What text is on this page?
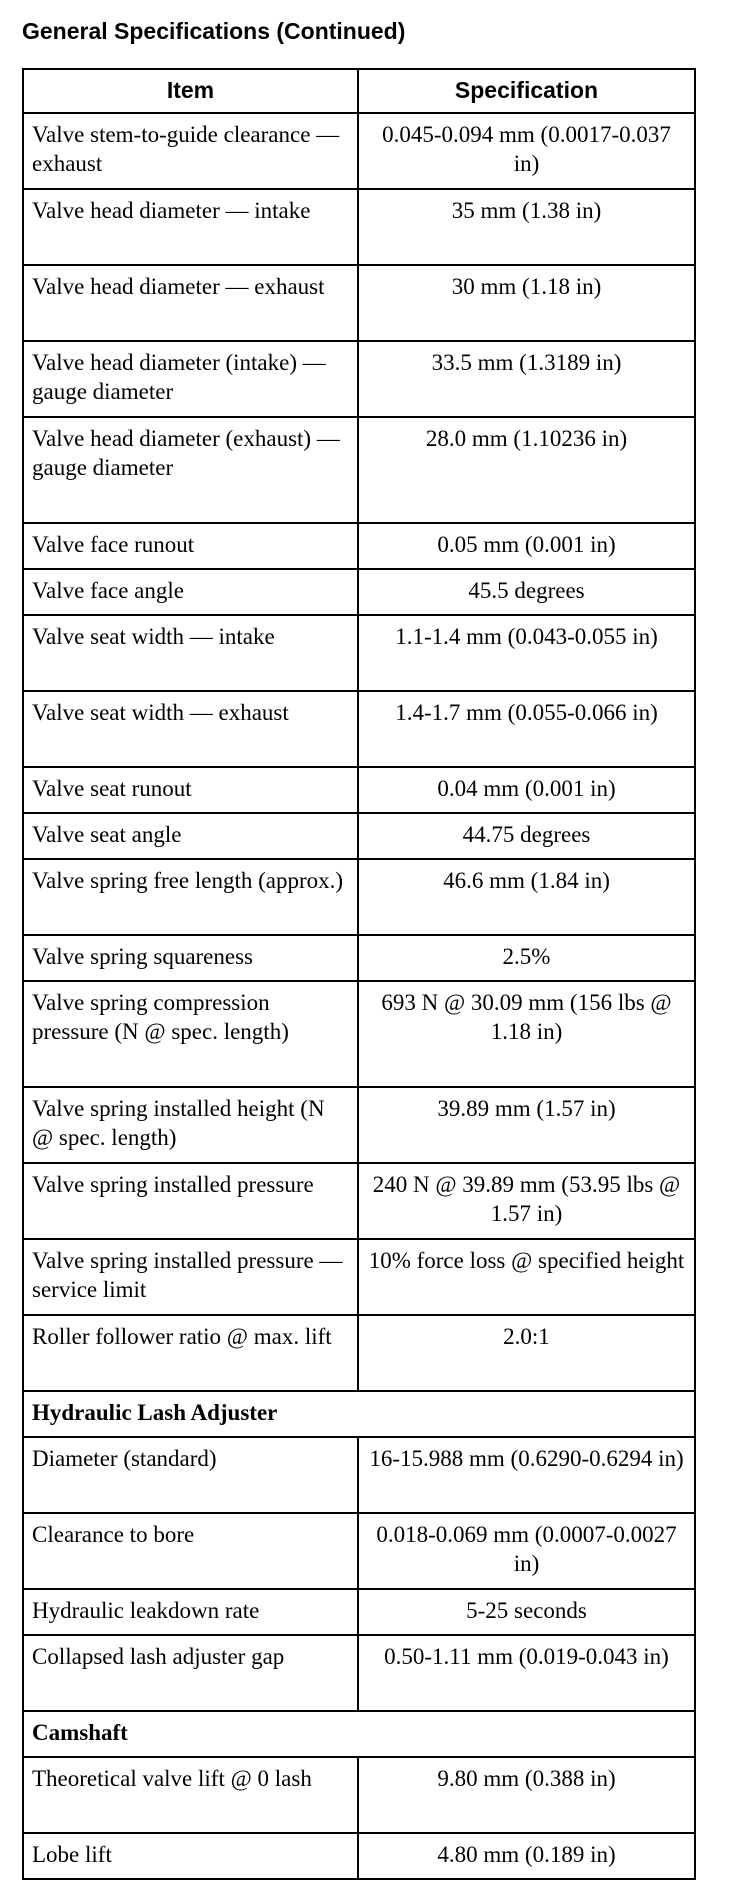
General Specifications (Continued)
Item	Specification
Valve stem-to-guide clearance — exhaust	0.045-0.094 mm (0.0017-0.037 in)
Valve head diameter — intake	35 mm (1.38 in)
Valve head diameter — exhaust	30 mm (1.18 in)
Valve head diameter (intake) — gauge diameter	33.5 mm (1.3189 in)
Valve head diameter (exhaust) — gauge diameter	28.0 mm (1.10236 in)
Valve face runout	0.05 mm (0.001 in)
Valve face angle	45.5 degrees
Valve seat width — intake	1.1-1.4 mm (0.043-0.055 in)
Valve seat width — exhaust	1.4-1.7 mm (0.055-0.066 in)
Valve seat runout	0.04 mm (0.001 in)
Valve seat angle	44.75 degrees
Valve spring free length (approx.)	46.6 mm (1.84 in)
Valve spring squareness	2.5%
Valve spring compression pressure (N @ spec. length)	693 N @ 30.09 mm (156 lbs @ 1.18 in)
Valve spring installed height (N @ spec. length)	39.89 mm (1.57 in)
Valve spring installed pressure	240 N @ 39.89 mm (53.95 lbs @ 1.57 in)
Valve spring installed pressure — service limit	10% force loss @ specified height
Roller follower ratio @ max. lift	2.0:1
Hydraulic Lash Adjuster	
Diameter (standard)	16-15.988 mm (0.6290-0.6294 in)
Clearance to bore	0.018-0.069 mm (0.0007-0.0027 in)
Hydraulic leakdown rate	5-25 seconds
Collapsed lash adjuster gap	0.50-1.11 mm (0.019-0.043 in)
Camshaft	
Theoretical valve lift @ 0 lash	9.80 mm (0.388 in)
Lobe lift	4.80 mm (0.189 in)
